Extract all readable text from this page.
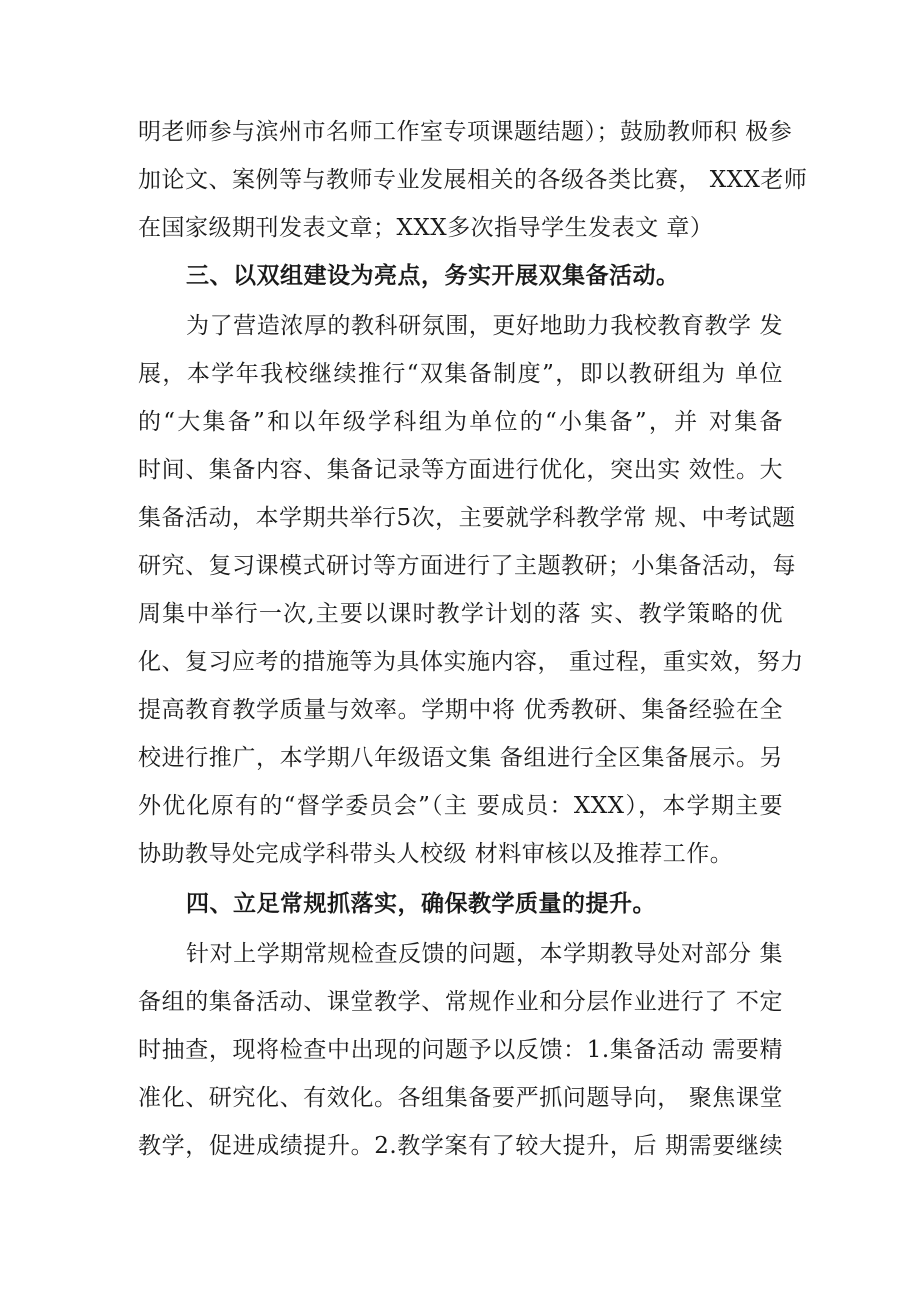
明老师参与滨州市名师工作室专项课题结题）；鼓励教师积 极参
加论文、案例等与教师专业发展相关的各级各类比赛， XXX老师
在国家级期刊发表文章；XXX多次指导学生发表文 章）
三、以双组建设为亮点，务实开展双集备活动。
为了营造浓厚的教科研氛围，更好地助力我校教育教学 发
展，本学年我校继续推行“双集备制度”，即以教研组为 单位
的“大集备”和以年级学科组为单位的“小集备”，并 对集备
时间、集备内容、集备记录等方面进行优化，突出实 效性。大
集备活动，本学期共举行5次，主要就学科教学常 规、中考试题
研究、复习课模式研讨等方面进行了主题教研；小集备活动，每
周集中举行一次,主要以课时教学计划的落 实、教学策略的优
化、复习应考的措施等为具体实施内容， 重过程，重实效，努力
提高教育教学质量与效率。学期中将 优秀教研、集备经验在全
校进行推广，本学期八年级语文集 备组进行全区集备展示。另
外优化原有的“督学委员会”（主 要成员：XXX），本学期主要
协助教导处完成学科带头人校级 材料审核以及推荐工作。
四、立足常规抓落实，确保教学质量的提升。
针对上学期常规检查反馈的问题，本学期教导处对部分 集
备组的集备活动、课堂教学、常规作业和分层作业进行了 不定
时抽查，现将检查中出现的问题予以反馈：1.集备活动 需要精
准化、研究化、有效化。各组集备要严抓问题导向， 聚焦课堂
教学，促进成绩提升。2.教学案有了较大提升，后 期需要继续
